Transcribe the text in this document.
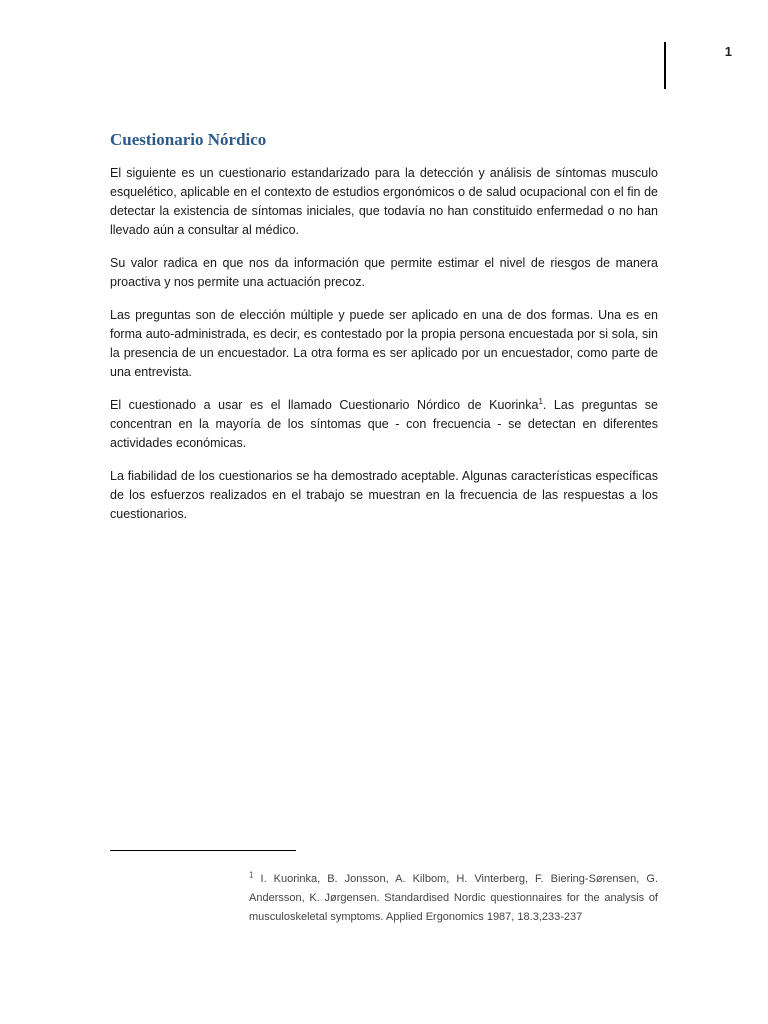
1
Cuestionario Nórdico

El siguiente es un cuestionario estandarizado para la detección y análisis de síntomas musculo esquelético, aplicable en el contexto de estudios ergonómicos o de salud ocupacional con el fin de detectar la existencia de síntomas iniciales, que todavía no han constituido enfermedad o no han llevado aún a consultar al médico.

Su valor radica en que nos da información que permite estimar el nivel de riesgos de manera proactiva y nos permite una actuación precoz.

Las preguntas son de elección múltiple y puede ser aplicado en una de dos formas. Una es en forma auto-administrada, es decir, es contestado por la propia persona encuestada por si sola, sin la presencia de un encuestador. La otra forma es ser aplicado por un encuestador, como parte de una entrevista.

El cuestionado a usar es el llamado Cuestionario Nórdico de Kuorinka$^1$. Las preguntas se concentran en la mayoría de los síntomas que - con frecuencia - se detectan en diferentes actividades económicas.

La fiabilidad de los cuestionarios se ha demostrado aceptable. Algunas características específicas de los esfuerzos realizados en el trabajo se muestran en la frecuencia de las respuestas a los cuestionarios.

$^1$ I. Kuorinka, B. Jonsson, A. Kilbom, H. Vinterberg, F. Biering-Sørensen, G. Andersson, K. Jørgensen. Standardised Nordic questionnaires for the analysis of musculoskeletal symptoms. Applied Ergonomics 1987, 18.3,233-237
